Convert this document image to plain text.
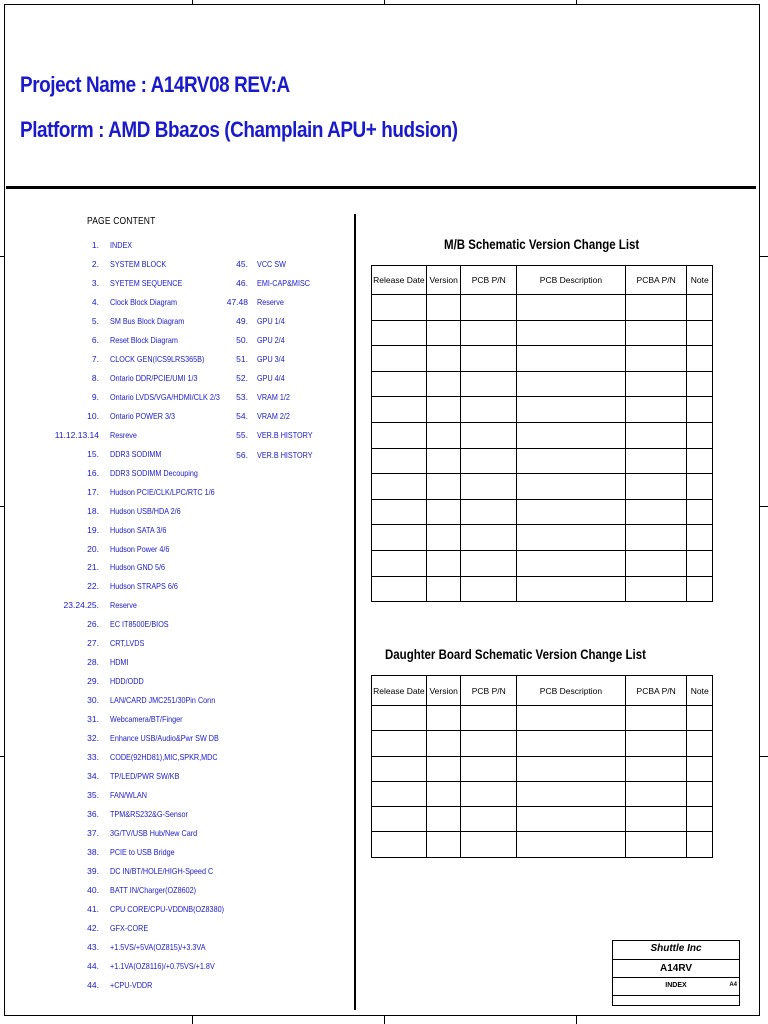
Project Name : A14RV08 REV:A
Platform : AMD Bbazos (Champlain APU+ hudsion)
PAGE CONTENT
1. INDEX
2. SYSTEM BLOCK
3. SYETEM SEQUENCE
4. Clock Block Diagram
5. SM Bus Block Diagram
6. Reset Block Diagram
7. CLOCK GEN(ICS9LRS365B)
8. Ontario DDR/PCIE/UMI 1/3
9. Ontario LVDS/VGA/HDMI/CLK 2/3
10. Ontario POWER 3/3
11.12.13.14 Resreve
15. DDR3 SODIMM
16. DDR3 SODIMM Decouping
17. Hudson PCIE/CLK/LPC/RTC 1/6
18. Hudson USB/HDA 2/6
19. Hudson SATA 3/6
20. Hudson Power 4/6
21. Hudson GND 5/6
22. Hudson STRAPS 6/6
23.24.25. Reserve
26. EC IT8500E/BIOS
27. CRT,LVDS
28. HDMI
29. HDD/ODD
30. LAN/CARD JMC251/30Pin Conn
31. Webcamera/BT/Finger
32. Enhance USB/Audio&Pwr SW DB
33. CODE(92HD81),MIC,SPKR,MDC
34. TP/LED/PWR SW/KB
35. FAN/WLAN
36. TPM&RS232&G-Sensor
37. 3G/TV/USB Hub/New Card
38. PCIE to USB Bridge
39. DC IN/BT/HOLE/HIGH-Speed C
40. BATT IN/Charger(OZ8602)
41. CPU CORE/CPU-VDDNB(OZ8380)
42. GFX-CORE
43. +1.5VS/+5VA(OZ815)/+3.3VA
44. +1.1VA(OZ8116)/+0.75VS/+1.8V
44. +CPU-VDDR
45. VCC SW
46. EMI-CAP&MISC
47.48 Reserve
49. GPU 1/4
50. GPU 2/4
51. GPU 3/4
52. GPU 4/4
53. VRAM 1/2
54. VRAM 2/2
55. VER.B HISTORY
56. VER.B HISTORY
M/B Schematic Version Change List
Release Date	Version	PCB P/N	PCB Description	PCBA P/N	Note

Daughter Board Schematic Version Change List
Release Date	Version	PCB P/N	PCB Description	PCBA P/N	Note

Shuttle Inc
A14RV
INDEX	A4
